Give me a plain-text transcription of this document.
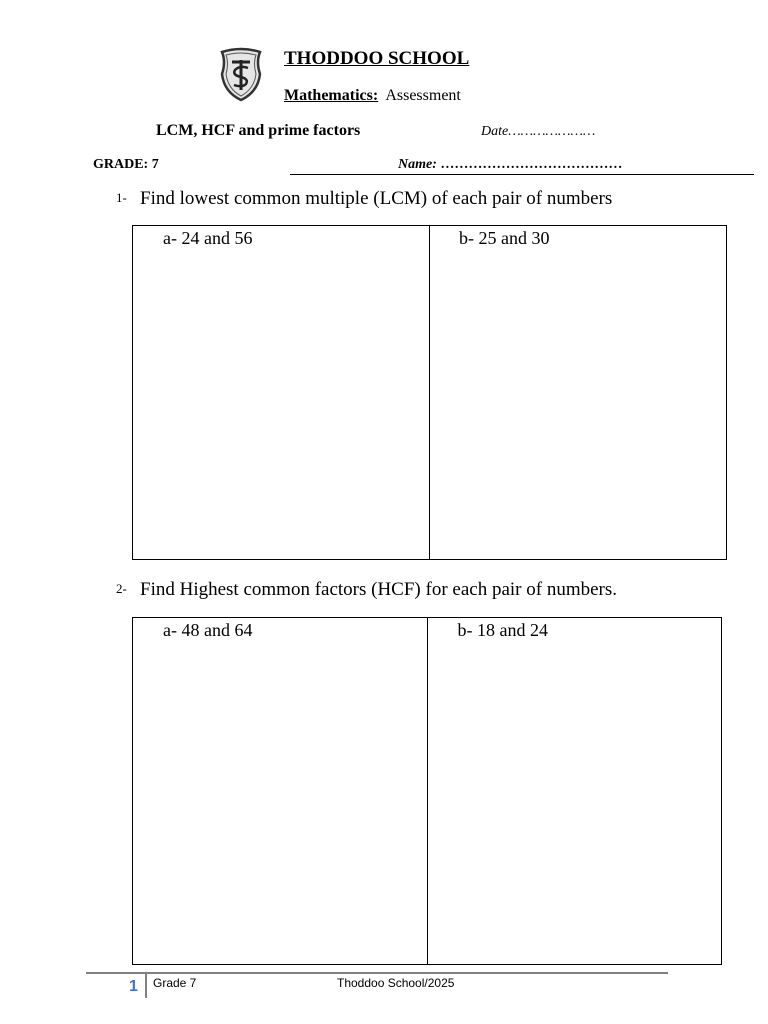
THODDOO SCHOOL
Mathematics: Assessment
LCM, HCF and prime factors	Date…………………
GRADE: 7	Name: …………………………………
1- Find lowest common multiple (LCM) of each pair of numbers
a- 24 and 56	b- 25 and 30
2- Find Highest common factors (HCF) for each pair of numbers.
a- 48 and 64	b- 18 and 24
1 Grade 7	Thoddoo School/2025
